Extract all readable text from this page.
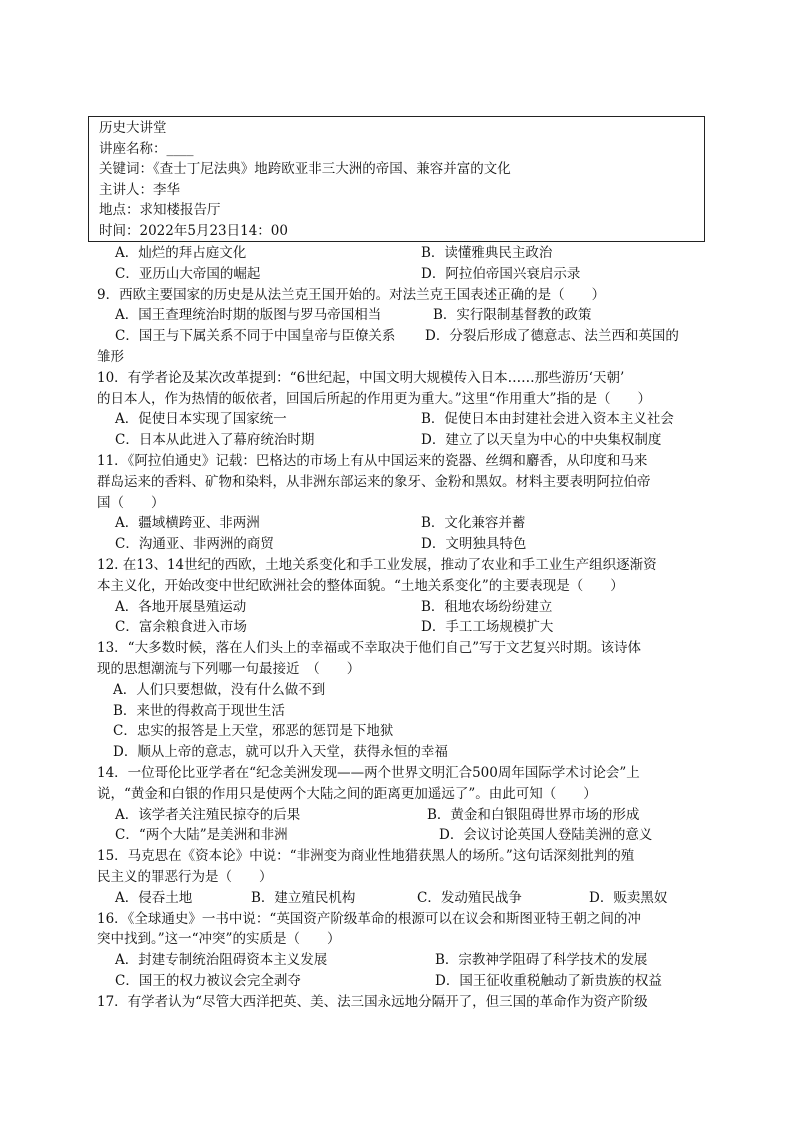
历史大讲堂
讲座名称：____
关键词：《查士丁尼法典》地跨欧亚非三大洲的帝国、兼容并富的文化
主讲人：李华
地点：求知楼报告厅
时间：2022年5月23日14：00
A．灿烂的拜占庭文化	B．读懂雅典民主政治
C．亚历山大帝国的崛起	D．阿拉伯帝国兴衰启示录
9．西欧主要国家的历史是从法兰克王国开始的。对法兰克王国表述正确的是（　　）
A．国王查理统治时期的版图与罗马帝国相当	B．实行限制基督教的政策
C．国王与下属关系不同于中国皇帝与臣僚关系	D．分裂后形成了德意志、法兰西和英国的
雏形
10．有学者论及某次改革提到：“6世纪起，中国文明大规模传入日本……那些游历‘天朝’
的日本人，作为热情的皈依者，回国后所起的作用更为重大。”这里“作用重大”指的是（　　）
A．促使日本实现了国家统一	B．促使日本由封建社会进入资本主义社会
C．日本从此进入了幕府统治时期	D．建立了以天皇为中心的中央集权制度
11．《阿拉伯通史》记载：巴格达的市场上有从中国运来的瓷器、丝绸和麝香，从印度和马来
群岛运来的香料、矿物和染料，从非洲东部运来的象牙、金粉和黑奴。材料主要表明阿拉伯帝
国（　　）
A．疆域横跨亚、非两洲	B．文化兼容并蓄
C．沟通亚、非两洲的商贸	D．文明独具特色
12. 在13、14世纪的西欧，土地关系变化和手工业发展，推动了农业和手工业生产组织逐渐资
本主义化，开始改变中世纪欧洲社会的整体面貌。“土地关系变化”的主要表现是（　　）
A．各地开展垦殖运动	B．租地农场纷纷建立
C．富余粮食进入市场	D．手工工场规模扩大
13．“大多数时候，落在人们头上的幸福或不幸取决于他们自己”写于文艺复兴时期。该诗体
现的思想潮流与下列哪一句最接近　（　　）
A．人们只要想做，没有什么做不到
B．来世的得救高于现世生活
C．忠实的报答是上天堂，邪恶的惩罚是下地狱
D．顺从上帝的意志，就可以升入天堂，获得永恒的幸福
14．一位哥伦比亚学者在“纪念美洲发现——两个世界文明汇合500周年国际学术讨论会”上
说，“黄金和白银的作用只是使两个大陆之间的距离更加遥远了”。由此可知（　　）
A．该学者关注殖民掠夺的后果	B．黄金和白银阻碍世界市场的形成
C．“两个大陆”是美洲和非洲	D．会议讨论英国人登陆美洲的意义
15．马克思在《资本论》中说：“非洲变为商业性地猎获黑人的场所。”这句话深刻批判的殖
民主义的罪恶行为是（　　）
A．侵吞土地	B．建立殖民机构	C．发动殖民战争	D．贩卖黑奴
16．《全球通史》一书中说：“英国资产阶级革命的根源可以在议会和斯图亚特王朝之间的冲
突中找到。”这一“冲突”的实质是（　　）
A．封建专制统治阻碍资本主义发展	B．宗教神学阻碍了科学技术的发展
C．国王的权力被议会完全剥夺	D．国王征收重税触动了新贵族的权益
17．有学者认为“尽管大西洋把英、美、法三国永远地分隔开了，但三国的革命作为资产阶级
